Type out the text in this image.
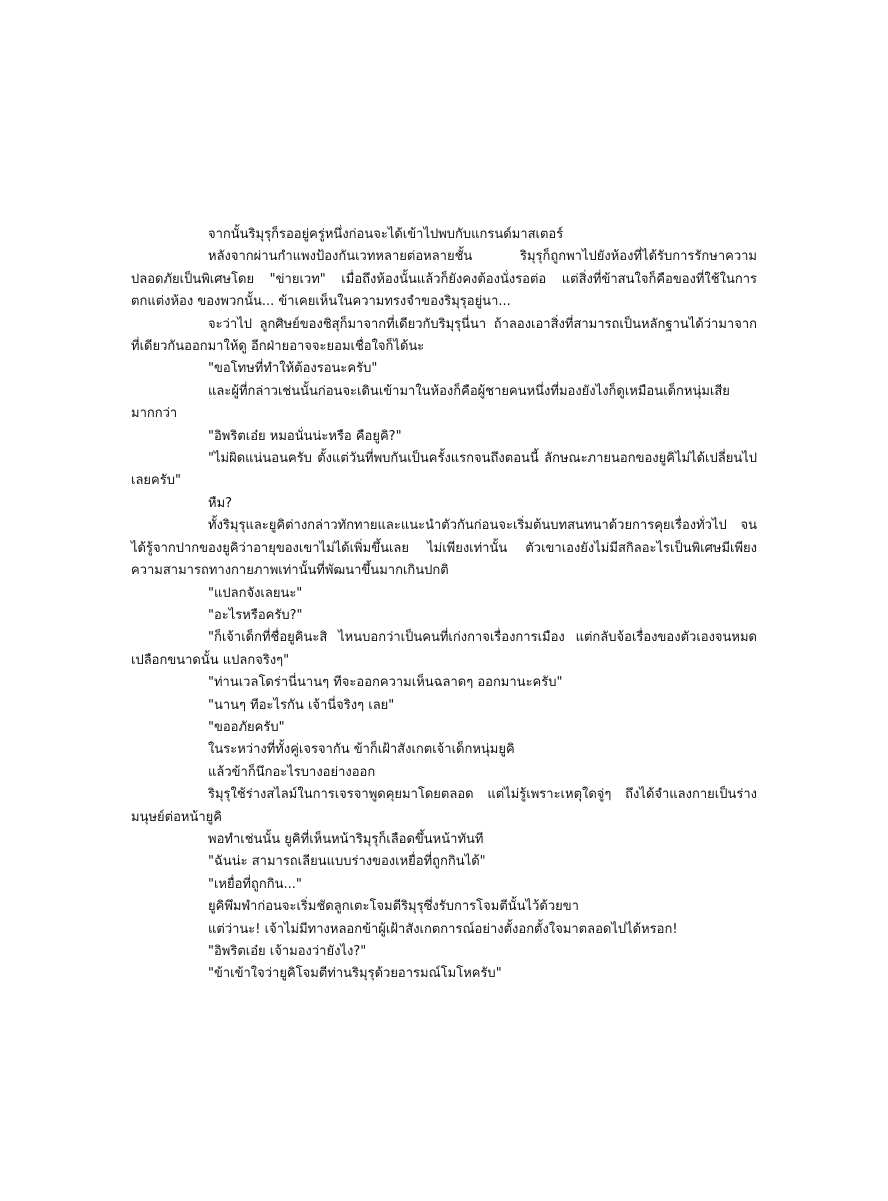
จากนั้นริมุรุก็รออยู่ครู่หนึ่งก่อนจะได้เข้าไปพบกับแกรนด์มาสเตอร์

หลังจากผ่านกำแพงป้องกันเวทหลายต่อหลายชั้น ริมุรุก็ถูกพาไปยังห้องที่ได้รับการรักษาความปลอดภัยเป็นพิเศษโดย "ข่ายเวท" เมื่อถึงห้องนั้นแล้วก็ยังคงต้องนั่งรอต่อ แต่สิ่งที่ข้าสนใจก็คือของที่ใช้ในการตกแต่งห้อง ของพวกนั้น... ข้าเคยเห็นในความทรงจำของริมุรุอยู่นา...

จะว่าไป ลูกศิษย์ของชิสุก็มาจากที่เดียวกับริมุรุนี่นา ถ้าลองเอาสิ่งที่สามารถเป็นหลักฐานได้ว่ามาจากที่เดียวกันออกมาให้ดู อีกฝ่ายอาจจะยอมเชื่อใจก็ได้นะ

"ขอโทษที่ทำให้ต้องรอนะครับ"

และผู้ที่กล่าวเช่นนั้นก่อนจะเดินเข้ามาในห้องก็คือผู้ชายคนหนึ่งที่มองยังไงก็ดูเหมือนเด็กหนุ่มเสียมากกว่า

"อิพริตเอ๋ย หมอนั่นน่ะหรือ คือยูคิ?"

"ไม่ผิดแน่นอนครับ ตั้งแต่วันที่พบกันเป็นครั้งแรกจนถึงตอนนี้ ลักษณะภายนอกของยูคิไม่ได้เปลี่ยนไปเลยครับ"

หืม?

ทั้งริมุรุและยูคิต่างกล่าวทักทายและแนะนำตัวกันก่อนจะเริ่มต้นบทสนทนาด้วยการคุยเรื่องทั่วไป จนได้รู้จากปากของยูคิว่าอายุของเขาไม่ได้เพิ่มขึ้นเลย ไม่เพียงเท่านั้น ตัวเขาเองยังไม่มีสกิลอะไรเป็นพิเศษมีเพียงความสามารถทางกายภาพเท่านั้นที่พัฒนาขึ้นมากเกินปกติ

"แปลกจังเลยนะ"

"อะไรหรือครับ?"

"ก็เจ้าเด็กที่ชื่อยูคินะสิ ไหนบอกว่าเป็นคนที่เก่งกาจเรื่องการเมือง แต่กลับจ้อเรื่องของตัวเองจนหมดเปลือกขนาดนั้น แปลกจริงๆ"

"ท่านเวลโดร่านี่นานๆ ทีจะออกความเห็นฉลาดๆ ออกมานะครับ"

"นานๆ ทีอะไรกัน เจ้านี่จริงๆ เลย"

"ขออภัยครับ"

ในระหว่างที่ทั้งคู่เจรจากัน ข้าก็เฝ้าสังเกตเจ้าเด็กหนุ่มยูคิ

แล้วข้าก็นึกอะไรบางอย่างออก

ริมุรุใช้ร่างสไลม์ในการเจรจาพูดคุยมาโดยตลอด แต่ไม่รู้เพราะเหตุใดจู่ๆ ถึงได้จำแลงกายเป็นร่างมนุษย์ต่อหน้ายูคิ

พอทำเช่นนั้น ยูคิที่เห็นหน้าริมุรุก็เลือดขึ้นหน้าทันที

"ฉันน่ะ สามารถเลียนแบบร่างของเหยื่อที่ถูกกินได้"

"เหยื่อที่ถูกกิน..."

ยูคิพึมพำก่อนจะเริ่มชัดลูกเตะโจมตีริมุรุซึ่งรับการโจมตีนั้นไว้ด้วยขา

แต่ว่านะ! เจ้าไม่มีทางหลอกข้าผู้เฝ้าสังเกตการณ์อย่างตั้งอกตั้งใจมาตลอดไปได้หรอก!

"อิพริตเอ๋ย เจ้ามองว่ายังไง?"

"ข้าเข้าใจว่ายูคิโจมตีท่านริมุรุด้วยอารมณ์โมโหครับ"
